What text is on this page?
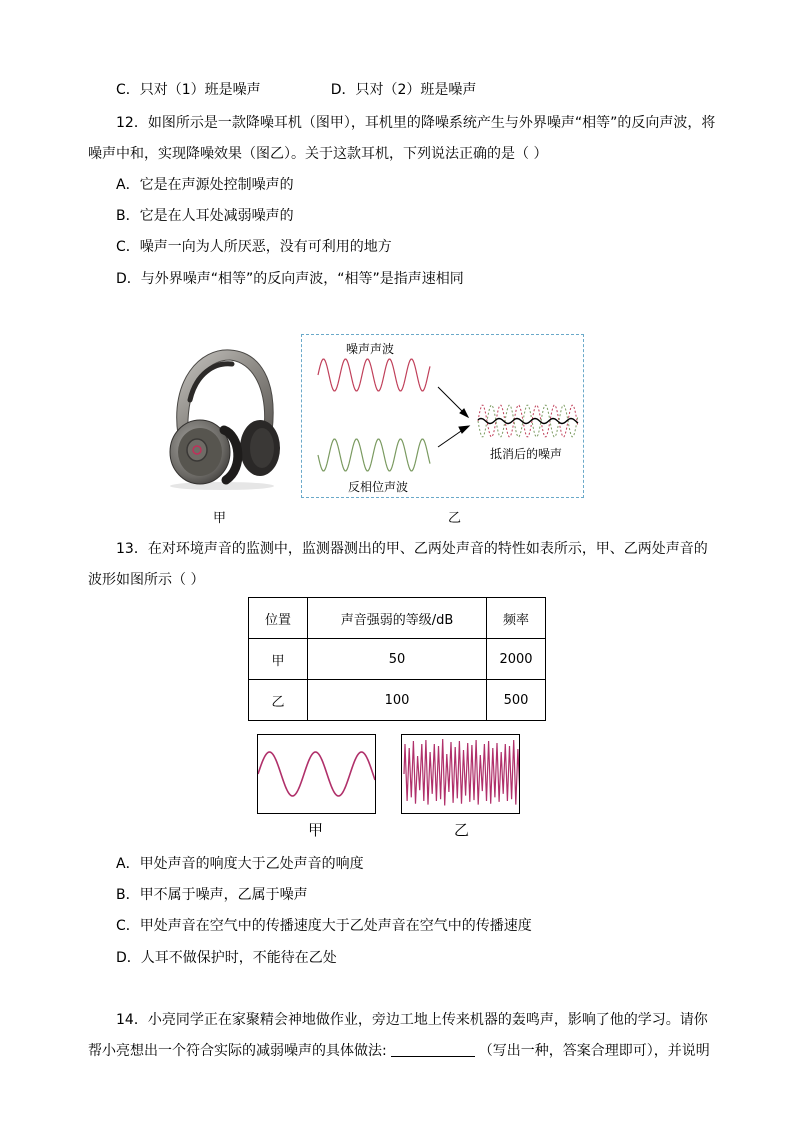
C．只对（1）班是噪声	D．只对（2）班是噪声
12．如图所示是一款降噪耳机（图甲），耳机里的降噪系统产生与外界噪声“相等”的反向声波，将
噪声中和，实现降噪效果（图乙）。关于这款耳机，下列说法正确的是（ ）
A．它是在声源处控制噪声的
B．它是在人耳处减弱噪声的
C．噪声一向为人所厌恶，没有可利用的地方
D．与外界噪声“相等”的反向声波，“相等”是指声速相同
噪声声波
反相位声波
抵消后的噪声
甲	乙
13．在对环境声音的监测中，监测器测出的甲、乙两处声音的特性如表所示，甲、乙两处声音的
波形如图所示（ ）
位置	声音强弱的等级/dB	频率
甲	50	2000
乙	100	500
甲	乙
A．甲处声音的响度大于乙处声音的响度
B．甲不属于噪声，乙属于噪声
C．甲处声音在空气中的传播速度大于乙处声音在空气中的传播速度
D．人耳不做保护时，不能待在乙处
14．小亮同学正在家聚精会神地做作业，旁边工地上传来机器的轰鸣声，影响了他的学习。请你
帮小亮想出一个符合实际的减弱噪声的具体做法:	（写出一种，答案合理即可），并说明
